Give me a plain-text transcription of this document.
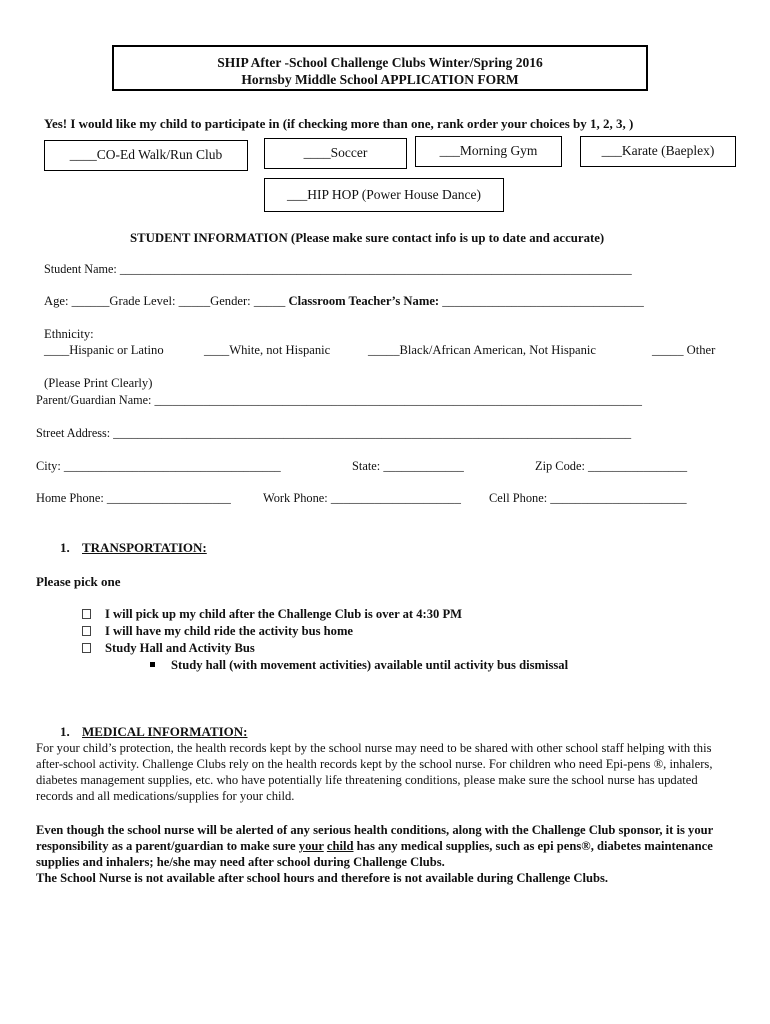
SHIP After -School Challenge Clubs Winter/Spring 2016
Hornsby Middle School APPLICATION FORM
Yes! I would like my child to participate in (if checking more than one, rank order your choices by 1, 2, 3, )
____CO-Ed Walk/Run Club	____Soccer	___Morning Gym	___Karate (Baeplex)
___HIP HOP (Power House Dance)
STUDENT INFORMATION (Please make sure contact info is up to date and accurate)
Student Name: ____________________________________________________________________________________
Age: ______Grade Level: _____Gender: _____ Classroom Teacher’s Name: ________________________________
Ethnicity:
____Hispanic or Latino	____White, not Hispanic	_____Black/African American, Not Hispanic	_____ Other
(Please Print Clearly)
Parent/Guardian Name: ________________________________________________________________________________
Street Address: _____________________________________________________________________________________
City: ___________________________________	State: _____________	Zip Code: ________________
Home Phone: ____________________	Work Phone: _____________________ Cell Phone: ______________________
1. TRANSPORTATION:
Please pick one
I will pick up my child after the Challenge Club is over at 4:30 PM
I will have my child ride the activity bus home
Study Hall and Activity Bus
Study hall (with movement activities) available until activity bus dismissal
1. MEDICAL INFORMATION:
For your child’s protection, the health records kept by the school nurse may need to be shared with other school staff helping with this after-school activity. Challenge Clubs rely on the health records kept by the school nurse. For children who need Epi-pens ®, inhalers, diabetes management supplies, etc. who have potentially life threatening conditions, please make sure the school nurse has updated records and all medications/supplies for your child.
Even though the school nurse will be alerted of any serious health conditions, along with the Challenge Club sponsor, it is your responsibility as a parent/guardian to make sure your child has any medical supplies, such as epi pens®, diabetes maintenance supplies and inhalers; he/she may need after school during Challenge Clubs.
The School Nurse is not available after school hours and therefore is not available during Challenge Clubs.
